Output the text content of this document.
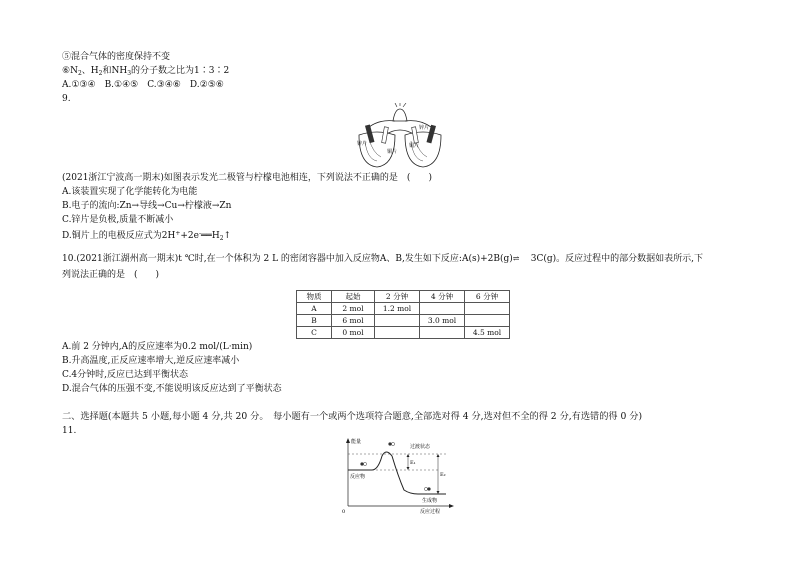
⑤混合气体的密度保持不变
$⑥N_2$、$H_2$和$NH_3$的分子数之比为1∶3∶2
A.①③④　B.①④⑤　C.③④⑥　D.②⑤⑥
9.
锌片
铜片
锌片
铜片
(2021浙江宁波高一期末)如图表示发光二极管与柠檬电池相连，下列说法不正确的是　(　　)
A.该装置实现了化学能转化为电能
B.电子的流向:Zn→导线→Cu→柠檬液→Zn
C.锌片是负极,质量不断减小
D.铜片上的电极反应式为$2H^++2e^-══H_2↑$
10.(2021浙江湖州高一期末)t ℃时,在一个体积为 2 L 的密闭容器中加入反应物A、B,发生如下反应:A(s)+2B(g)⇌ 3C(g)。反应过程中的部分数据如表所示,下
列说法正确的是　(　　)
物质	起始	2 分钟	4 分钟	6 分钟
A	2 mol	1.2 mol		
B	6 mol		3.0 mol	
C	0 mol			4.5 mol
A.前 2 分钟内,A的反应速率为0.2 mol/(L·min)
B.升高温度,正反应速率增大,逆反应速率减小
C.4分钟时,反应已达到平衡状态
D.混合气体的压强不变,不能说明该反应达到了平衡状态
二、选择题(本题共 5 小题,每小题 4 分,共 20 分。　每小题有一个或两个选项符合题意,全部选对得 4 分,选对但不全的得 2 分,有选错的得 0 分)
11.
能量
过渡状态
反应物
生成物
反应过程
0
E₁
E₂
